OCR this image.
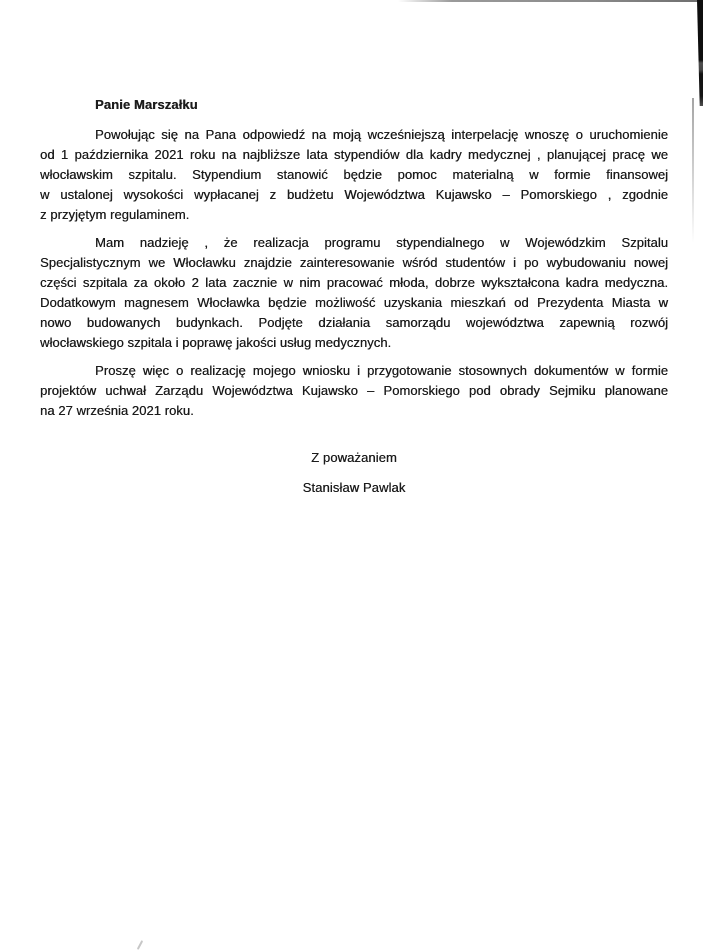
Panie Marszałku

Powołując się na Pana odpowiedź na moją wcześniejszą interpelację wnoszę o uruchomienie
od 1 października 2021 roku na najbliższe lata stypendiów dla kadry medycznej , planującej pracę we
włocławskim szpitalu. Stypendium stanowić będzie pomoc materialną w formie finansowej
w ustalonej wysokości wypłacanej z budżetu Województwa Kujawsko – Pomorskiego , zgodnie
z przyjętym regulaminem.
Mam nadzieję , że realizacja programu stypendialnego w Wojewódzkim Szpitalu
Specjalistycznym we Włocławku znajdzie zainteresowanie wśród studentów i po wybudowaniu nowej
części szpitala za około 2 lata zacznie w nim pracować młoda, dobrze wykształcona kadra medyczna.
Dodatkowym magnesem Włocławka będzie możliwość uzyskania mieszkań od Prezydenta Miasta w
nowo budowanych budynkach. Podjęte działania samorządu województwa zapewnią rozwój
włocławskiego szpitala i poprawę jakości usług medycznych.
Proszę więc o realizację mojego wniosku i przygotowanie stosownych dokumentów w formie
projektów uchwał Zarządu Województwa Kujawsko – Pomorskiego pod obrady Sejmiku planowane
na 27 września 2021 roku.
Z poważaniem
Stanisław Pawlak
